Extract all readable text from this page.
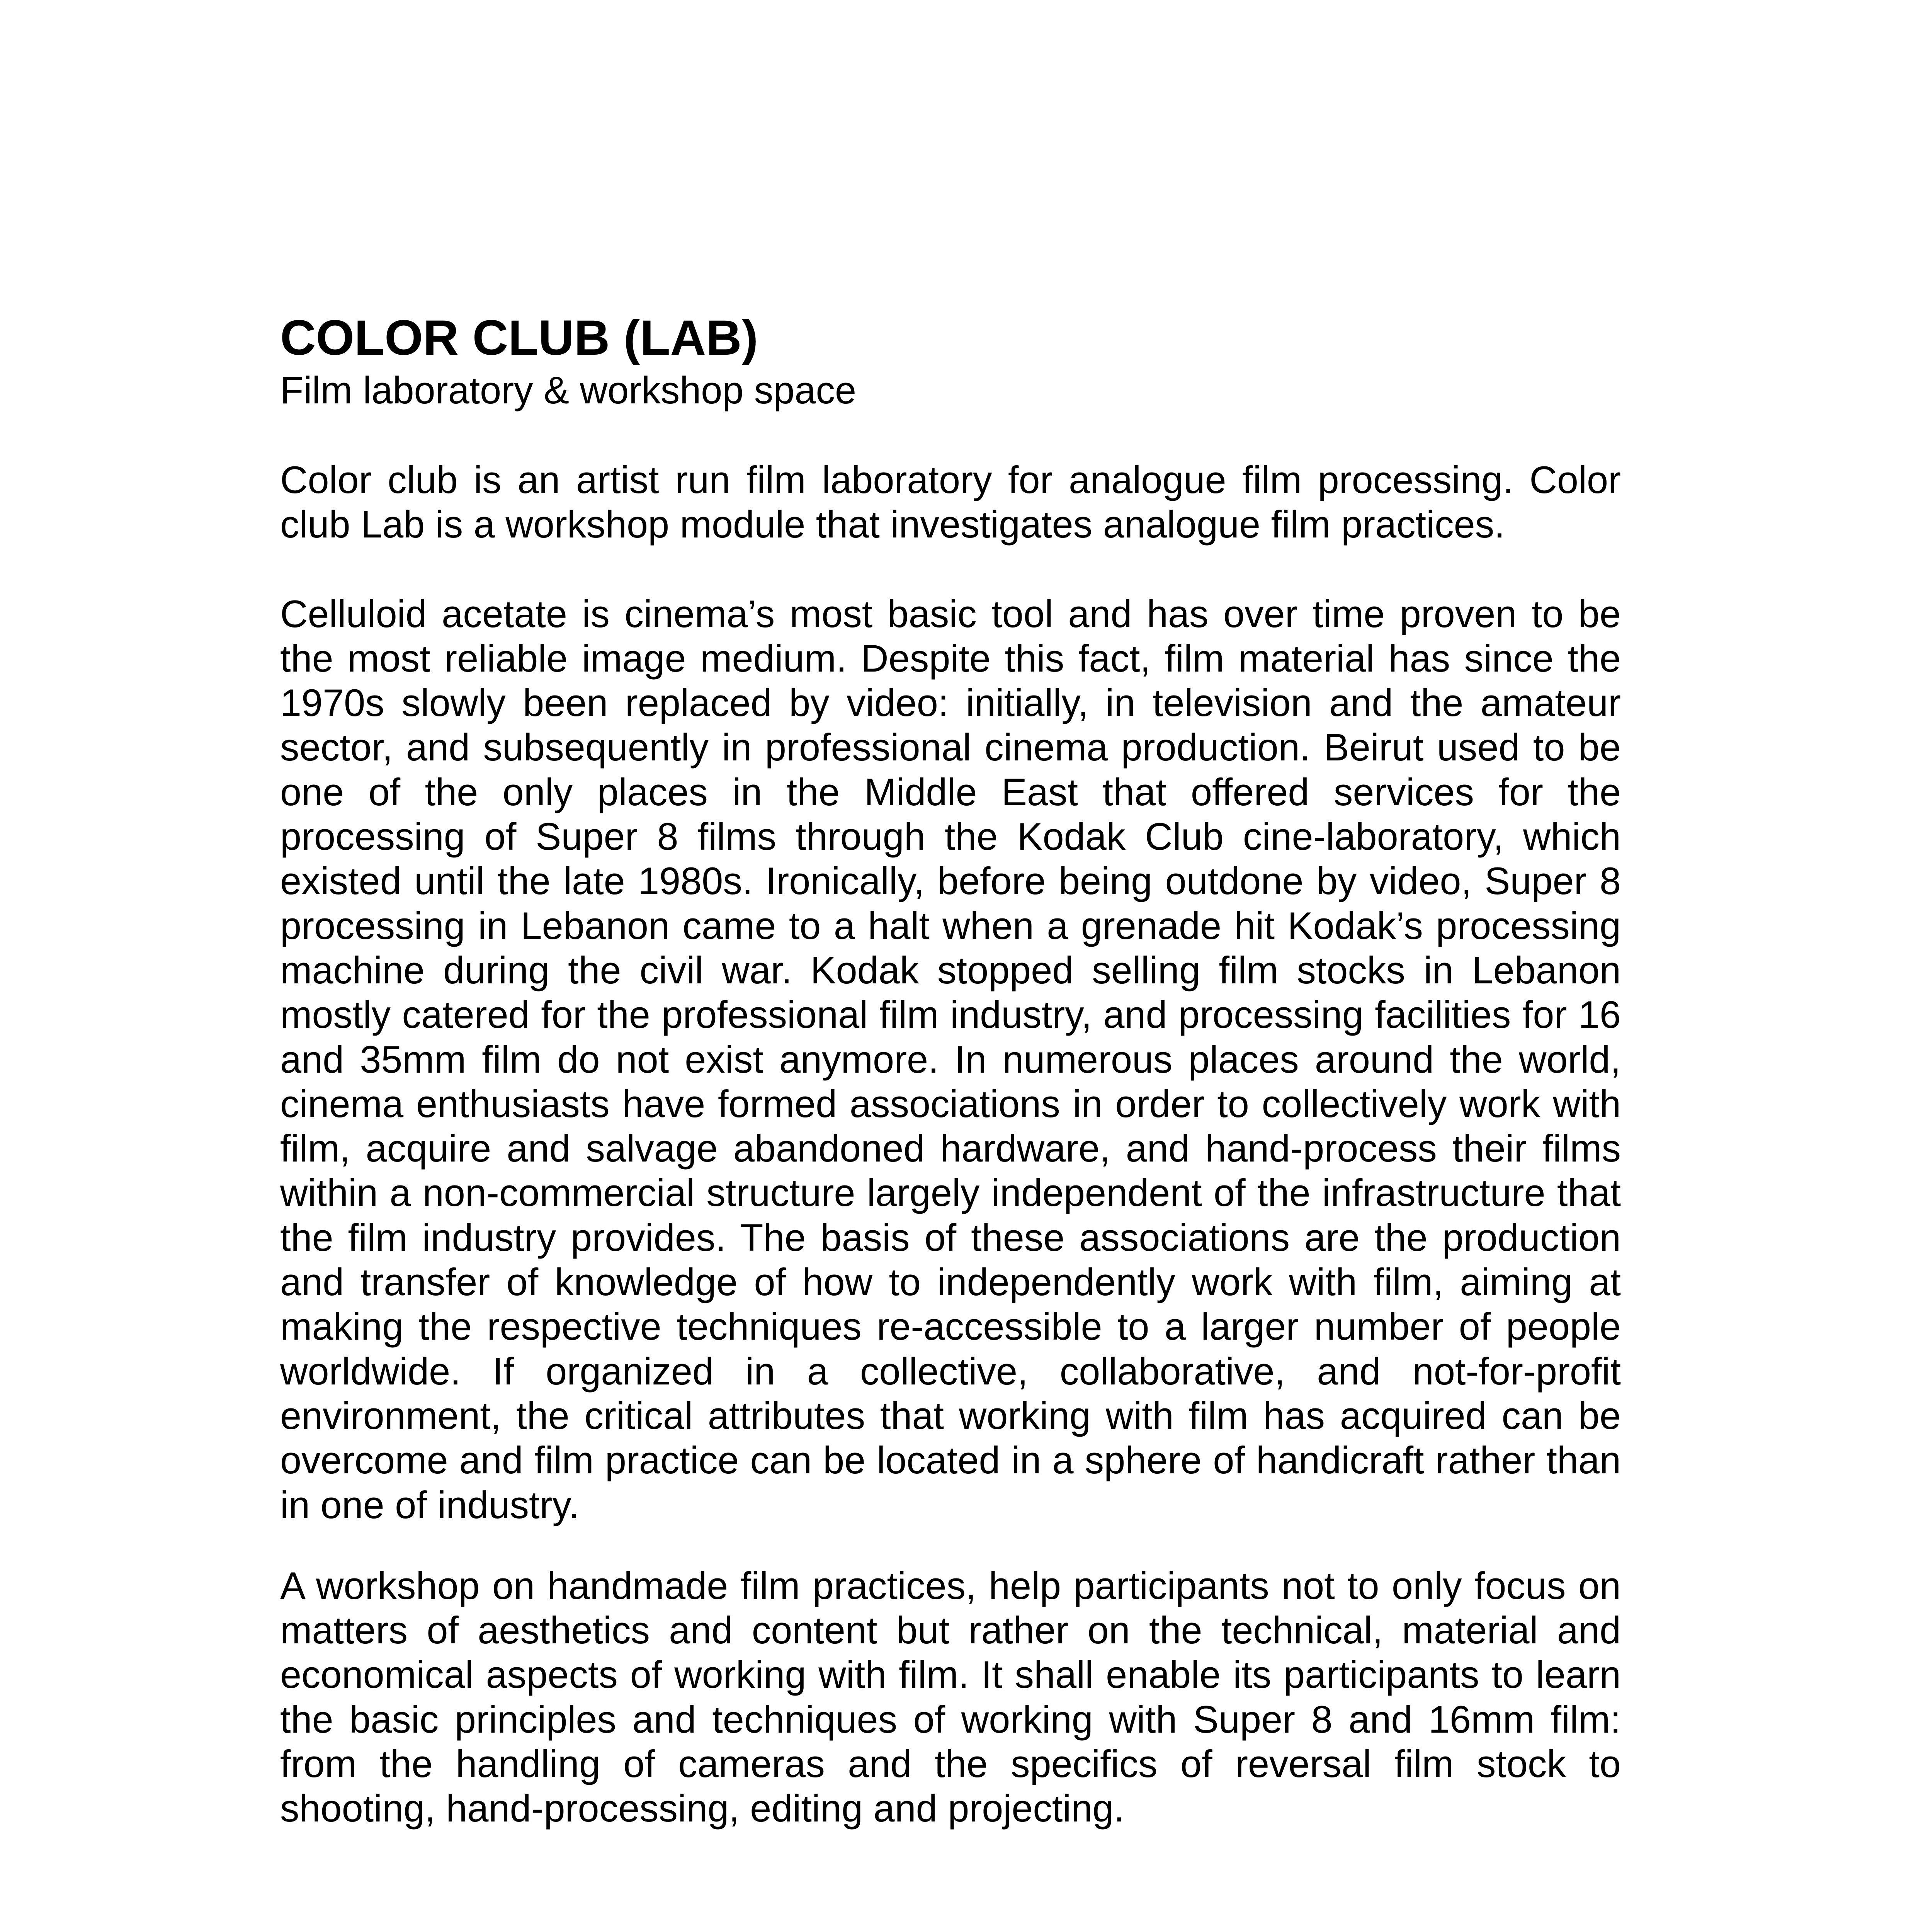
COLOR CLUB (LAB)
Film laboratory & workshop space

Color club is an artist run film laboratory for analogue film processing. Color club Lab is a workshop module that investigates analogue film practices.

Celluloid acetate is cinema’s most basic tool and has over time proven to be the most reliable image medium. Despite this fact, film material has since the 1970s slowly been replaced by video: initially, in television and the amateur sector, and subsequently in professional cinema production. Beirut used to be one of the only places in the Middle East that offered services for the processing of Super 8 films through the Kodak Club cine-laboratory, which existed until the late 1980s. Ironically, before being outdone by video, Super 8 processing in Lebanon came to a halt when a grenade hit Kodak’s processing machine during the civil war. Kodak stopped selling film stocks in Lebanon mostly catered for the professional film industry, and processing facilities for 16 and 35mm film do not exist anymore. In numerous places around the world, cinema enthusiasts have formed associations in order to collectively work with film, acquire and salvage abandoned hardware, and hand-process their films within a non-commercial structure largely independent of the infrastructure that the film industry provides. The basis of these associations are the production and transfer of knowledge of how to independently work with film, aiming at making the respective techniques re-accessible to a larger number of people worldwide. If organized in a collective, collaborative, and not-for-profit environment, the critical attributes that working with film has acquired can be overcome and film practice can be located in a sphere of handicraft rather than in one of industry.

A workshop on handmade film practices, help participants not to only focus on matters of aesthetics and content but rather on the technical, material and economical aspects of working with film. It shall enable its participants to learn the basic principles and techniques of working with Super 8 and 16mm film: from the handling of cameras and the specifics of reversal film stock to shooting, hand-processing, editing and projecting.
